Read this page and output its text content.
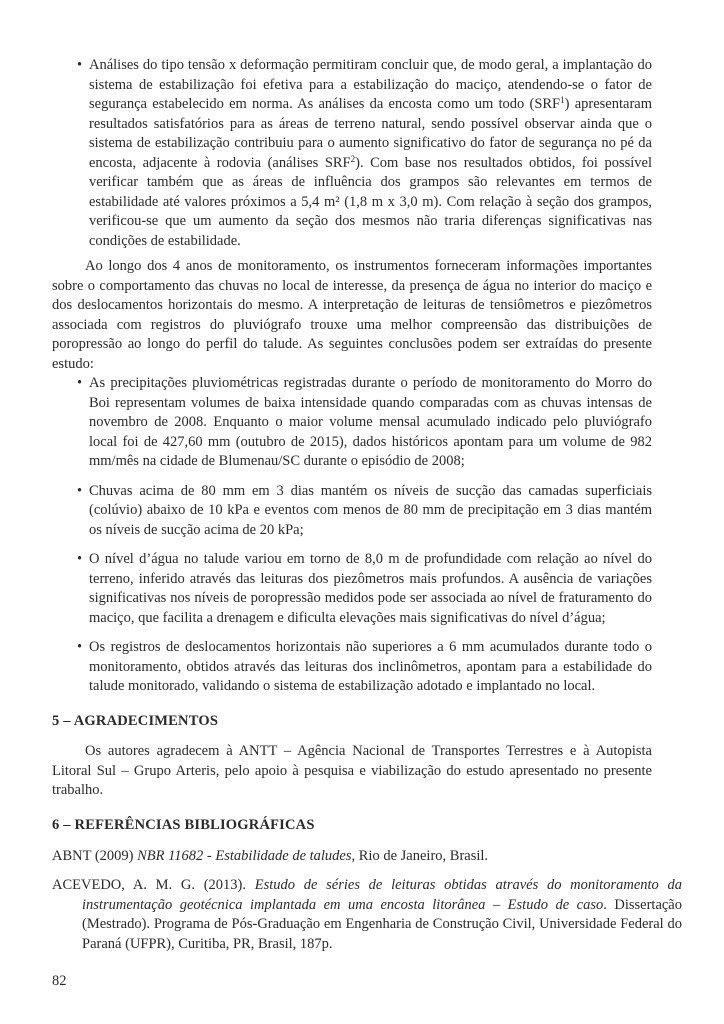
• Análises do tipo tensão x deformação permitiram concluir que, de modo geral, a implantação do sistema de estabilização foi efetiva para a estabilização do maciço, atendendo-se o fator de segurança estabelecido em norma. As análises da encosta como um todo (SRF$^1$) apresentaram resultados satisfatórios para as áreas de terreno natural, sendo possível observar ainda que o sistema de estabilização contribuiu para o aumento significativo do fator de segurança no pé da encosta, adjacente à rodovia (análises SRF$^2$). Com base nos resultados obtidos, foi possível verificar também que as áreas de influência dos grampos são relevantes em termos de estabilidade até valores próximos a 5,4 m² (1,8 m x 3,0 m). Com relação à seção dos grampos, verificou-se que um aumento da seção dos mesmos não traria diferenças significativas nas condições de estabilidade.

Ao longo dos 4 anos de monitoramento, os instrumentos forneceram informações importantes sobre o comportamento das chuvas no local de interesse, da presença de água no interior do maciço e dos deslocamentos horizontais do mesmo. A interpretação de leituras de tensiômetros e piezômetros associada com registros do pluviógrafo trouxe uma melhor compreensão das distribuições de poropressão ao longo do perfil do talude. As seguintes conclusões podem ser extraídas do presente estudo:

• As precipitações pluviométricas registradas durante o período de monitoramento do Morro do Boi representam volumes de baixa intensidade quando comparadas com as chuvas intensas de novembro de 2008. Enquanto o maior volume mensal acumulado indicado pelo pluviógrafo local foi de 427,60 mm (outubro de 2015), dados históricos apontam para um volume de 982 mm/mês na cidade de Blumenau/SC durante o episódio de 2008;
• Chuvas acima de 80 mm em 3 dias mantém os níveis de sucção das camadas superficiais (colúvio) abaixo de 10 kPa e eventos com menos de 80 mm de precipitação em 3 dias mantém os níveis de sucção acima de 20 kPa;
• O nível d’água no talude variou em torno de 8,0 m de profundidade com relação ao nível do terreno, inferido através das leituras dos piezômetros mais profundos. A ausência de variações significativas nos níveis de poropressão medidos pode ser associada ao nível de fraturamento do maciço, que facilita a drenagem e dificulta elevações mais significativas do nível d’água;
• Os registros de deslocamentos horizontais não superiores a 6 mm acumulados durante todo o monitoramento, obtidos através das leituras dos inclinômetros, apontam para a estabilidade do talude monitorado, validando o sistema de estabilização adotado e implantado no local.
5 – AGRADECIMENTOS

Os autores agradecem à ANTT – Agência Nacional de Transportes Terrestres e à Autopista Litoral Sul – Grupo Arteris, pelo apoio à pesquisa e viabilização do estudo apresentado no presente trabalho.

6 – REFERÊNCIAS BIBLIOGRÁFICAS

ABNT (2009) NBR 11682 - Estabilidade de taludes, Rio de Janeiro, Brasil.

ACEVEDO, A. M. G. (2013). Estudo de séries de leituras obtidas através do monitoramento da instrumentação geotécnica implantada em uma encosta litorânea – Estudo de caso. Dissertação (Mestrado). Programa de Pós-Graduação em Engenharia de Construção Civil, Universidade Federal do Paraná (UFPR), Curitiba, PR, Brasil, 187p.

82
